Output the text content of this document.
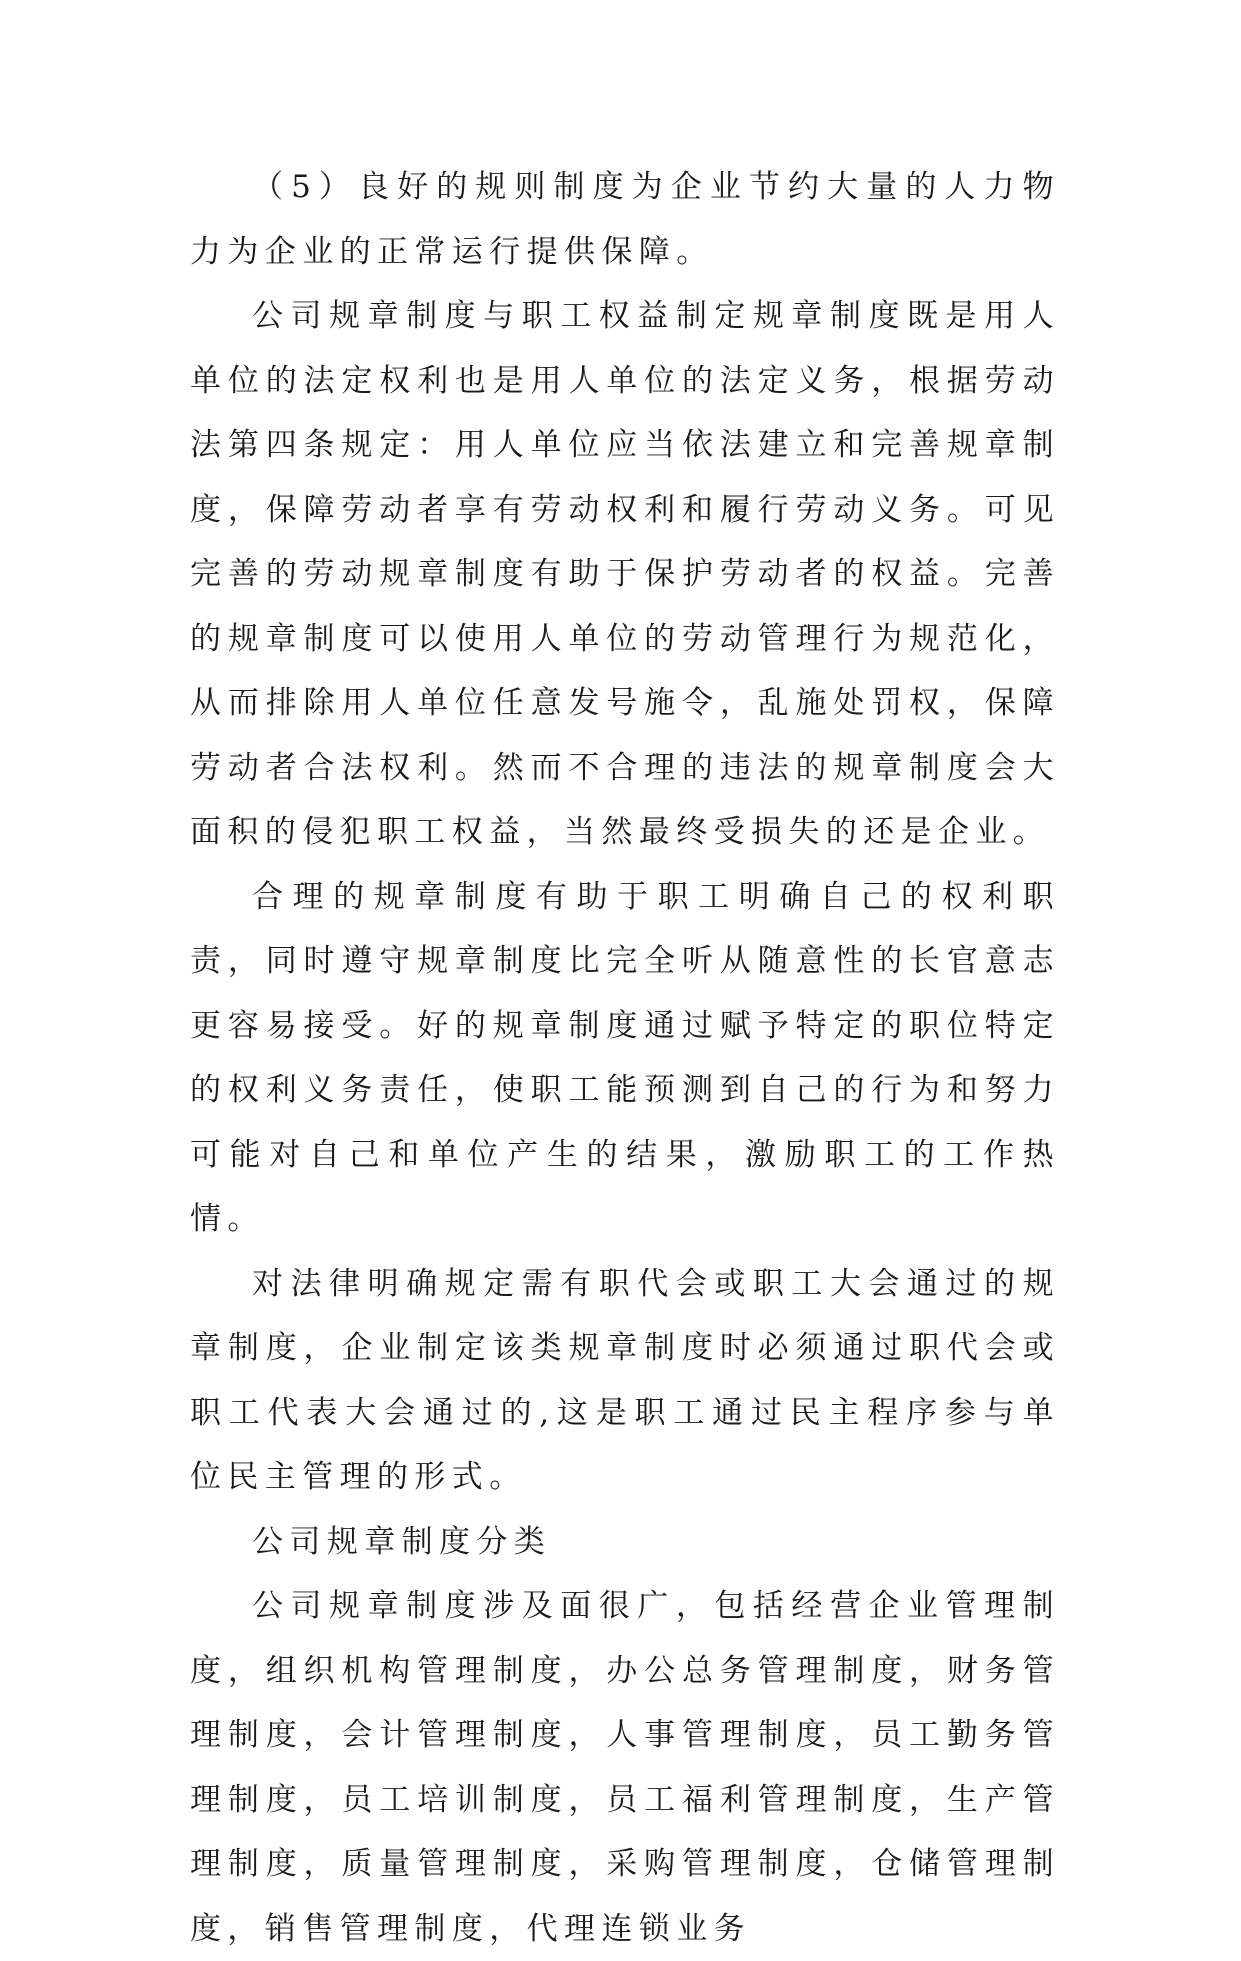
（5）良好的规则制度为企业节约大量的人力物力为企业的正常运行提供保障。

公司规章制度与职工权益制定规章制度既是用人单位的法定权利也是用人单位的法定义务，根据劳动法第四条规定：用人单位应当依法建立和完善规章制度，保障劳动者享有劳动权利和履行劳动义务。可见完善的劳动规章制度有助于保护劳动者的权益。完善的规章制度可以使用人单位的劳动管理行为规范化，从而排除用人单位任意发号施令，乱施处罚权，保障劳动者合法权利。然而不合理的违法的规章制度会大面积的侵犯职工权益，当然最终受损失的还是企业。

合理的规章制度有助于职工明确自己的权利职责，同时遵守规章制度比完全听从随意性的长官意志更容易接受。好的规章制度通过赋予特定的职位特定的权利义务责任，使职工能预测到自己的行为和努力可能对自己和单位产生的结果，激励职工的工作热情。

对法律明确规定需有职代会或职工大会通过的规章制度，企业制定该类规章制度时必须通过职代会或职工代表大会通过的,这是职工通过民主程序参与单位民主管理的形式。

公司规章制度分类

公司规章制度涉及面很广，包括经营企业管理制度，组织机构管理制度，办公总务管理制度，财务管理制度，会计管理制度，人事管理制度，员工勤务管理制度，员工培训制度，员工福利管理制度，生产管理制度，质量管理制度，采购管理制度，仓储管理制度，销售管理制度，代理连锁业务
